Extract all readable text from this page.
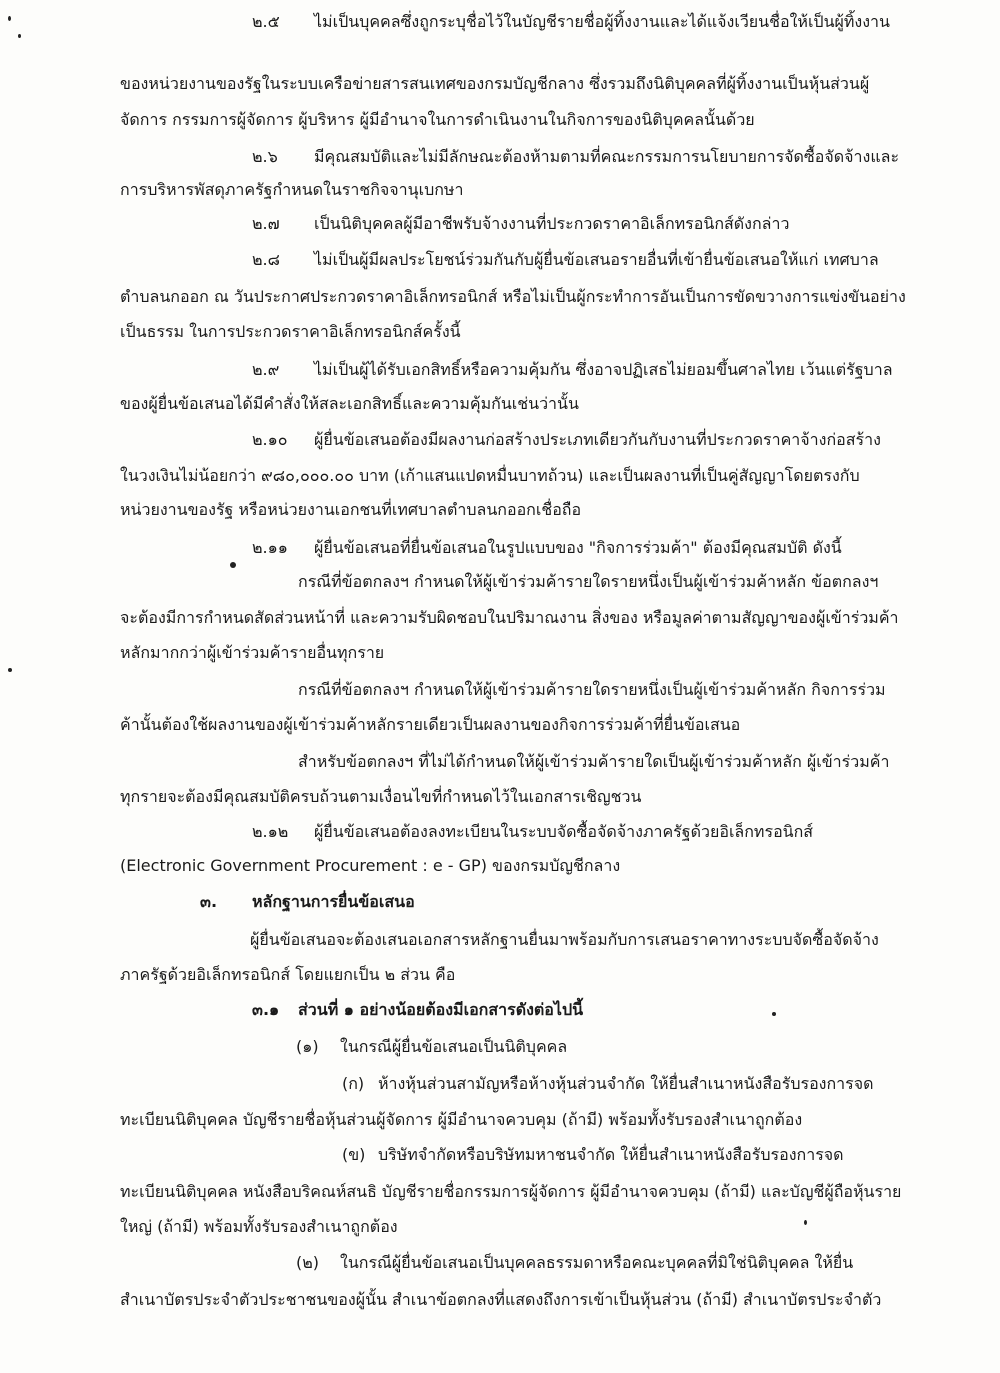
๒.๕ ไม่เป็นบุคคลซึ่งถูกระบุชื่อไว้ในบัญชีรายชื่อผู้ทิ้งงานและได้แจ้งเวียนชื่อให้เป็นผู้ทิ้งงาน
ของหน่วยงานของรัฐในระบบเครือข่ายสารสนเทศของกรมบัญชีกลาง ซึ่งรวมถึงนิติบุคคลที่ผู้ทิ้งงานเป็นหุ้นส่วนผู้
จัดการ กรรมการผู้จัดการ ผู้บริหาร ผู้มีอำนาจในการดำเนินงานในกิจการของนิติบุคคลนั้นด้วย
๒.๖ มีคุณสมบัติและไม่มีลักษณะต้องห้ามตามที่คณะกรรมการนโยบายการจัดซื้อจัดจ้างและ
การบริหารพัสดุภาครัฐกำหนดในราชกิจจานุเบกษา
๒.๗ เป็นนิติบุคคลผู้มีอาชีพรับจ้างงานที่ประกวดราคาอิเล็กทรอนิกส์ดังกล่าว
๒.๘ ไม่เป็นผู้มีผลประโยชน์ร่วมกันกับผู้ยื่นข้อเสนอรายอื่นที่เข้ายื่นข้อเสนอให้แก่ เทศบาล
ตำบลนกออก ณ วันประกาศประกวดราคาอิเล็กทรอนิกส์ หรือไม่เป็นผู้กระทำการอันเป็นการขัดขวางการแข่งขันอย่าง
เป็นธรรม ในการประกวดราคาอิเล็กทรอนิกส์ครั้งนี้
๒.๙ ไม่เป็นผู้ได้รับเอกสิทธิ์หรือความคุ้มกัน ซึ่งอาจปฏิเสธไม่ยอมขึ้นศาลไทย เว้นแต่รัฐบาล
ของผู้ยื่นข้อเสนอได้มีคำสั่งให้สละเอกสิทธิ์และความคุ้มกันเช่นว่านั้น
๒.๑๐ ผู้ยื่นข้อเสนอต้องมีผลงานก่อสร้างประเภทเดียวกันกับงานที่ประกวดราคาจ้างก่อสร้าง
ในวงเงินไม่น้อยกว่า ๙๘๐,๐๐๐.๐๐ บาท (เก้าแสนแปดหมื่นบาทถ้วน) และเป็นผลงานที่เป็นคู่สัญญาโดยตรงกับ
หน่วยงานของรัฐ หรือหน่วยงานเอกชนที่เทศบาลตำบลนกออกเชื่อถือ
๒.๑๑ ผู้ยื่นข้อเสนอที่ยื่นข้อเสนอในรูปแบบของ "กิจการร่วมค้า" ต้องมีคุณสมบัติ ดังนี้
กรณีที่ข้อตกลงฯ กำหนดให้ผู้เข้าร่วมค้ารายใดรายหนึ่งเป็นผู้เข้าร่วมค้าหลัก ข้อตกลงฯ
จะต้องมีการกำหนดสัดส่วนหน้าที่ และความรับผิดชอบในปริมาณงาน สิ่งของ หรือมูลค่าตามสัญญาของผู้เข้าร่วมค้า
หลักมากกว่าผู้เข้าร่วมค้ารายอื่นทุกราย
กรณีที่ข้อตกลงฯ กำหนดให้ผู้เข้าร่วมค้ารายใดรายหนึ่งเป็นผู้เข้าร่วมค้าหลัก กิจการร่วม
ค้านั้นต้องใช้ผลงานของผู้เข้าร่วมค้าหลักรายเดียวเป็นผลงานของกิจการร่วมค้าที่ยื่นข้อเสนอ
สำหรับข้อตกลงฯ ที่ไม่ได้กำหนดให้ผู้เข้าร่วมค้ารายใดเป็นผู้เข้าร่วมค้าหลัก ผู้เข้าร่วมค้า
ทุกรายจะต้องมีคุณสมบัติครบถ้วนตามเงื่อนไขที่กำหนดไว้ในเอกสารเชิญชวน
๒.๑๒ ผู้ยื่นข้อเสนอต้องลงทะเบียนในระบบจัดซื้อจัดจ้างภาครัฐด้วยอิเล็กทรอนิกส์
(Electronic Government Procurement : e - GP) ของกรมบัญชีกลาง
๓. หลักฐานการยื่นข้อเสนอ
ผู้ยื่นข้อเสนอจะต้องเสนอเอกสารหลักฐานยื่นมาพร้อมกับการเสนอราคาทางระบบจัดซื้อจัดจ้าง
ภาครัฐด้วยอิเล็กทรอนิกส์ โดยแยกเป็น ๒ ส่วน คือ
๓.๑ ส่วนที่ ๑ อย่างน้อยต้องมีเอกสารดังต่อไปนี้
(๑) ในกรณีผู้ยื่นข้อเสนอเป็นนิติบุคคล
(ก) ห้างหุ้นส่วนสามัญหรือห้างหุ้นส่วนจำกัด ให้ยื่นสำเนาหนังสือรับรองการจด
ทะเบียนนิติบุคคล บัญชีรายชื่อหุ้นส่วนผู้จัดการ ผู้มีอำนาจควบคุม (ถ้ามี) พร้อมทั้งรับรองสำเนาถูกต้อง
(ข) บริษัทจำกัดหรือบริษัทมหาชนจำกัด ให้ยื่นสำเนาหนังสือรับรองการจด
ทะเบียนนิติบุคคล หนังสือบริคณห์สนธิ บัญชีรายชื่อกรรมการผู้จัดการ ผู้มีอำนาจควบคุม (ถ้ามี) และบัญชีผู้ถือหุ้นราย
ใหญ่ (ถ้ามี) พร้อมทั้งรับรองสำเนาถูกต้อง
(๒) ในกรณีผู้ยื่นข้อเสนอเป็นบุคคลธรรมดาหรือคณะบุคคลที่มิใช่นิติบุคคล ให้ยื่น
สำเนาบัตรประจำตัวประชาชนของผู้นั้น สำเนาข้อตกลงที่แสดงถึงการเข้าเป็นหุ้นส่วน (ถ้ามี) สำเนาบัตรประจำตัว
